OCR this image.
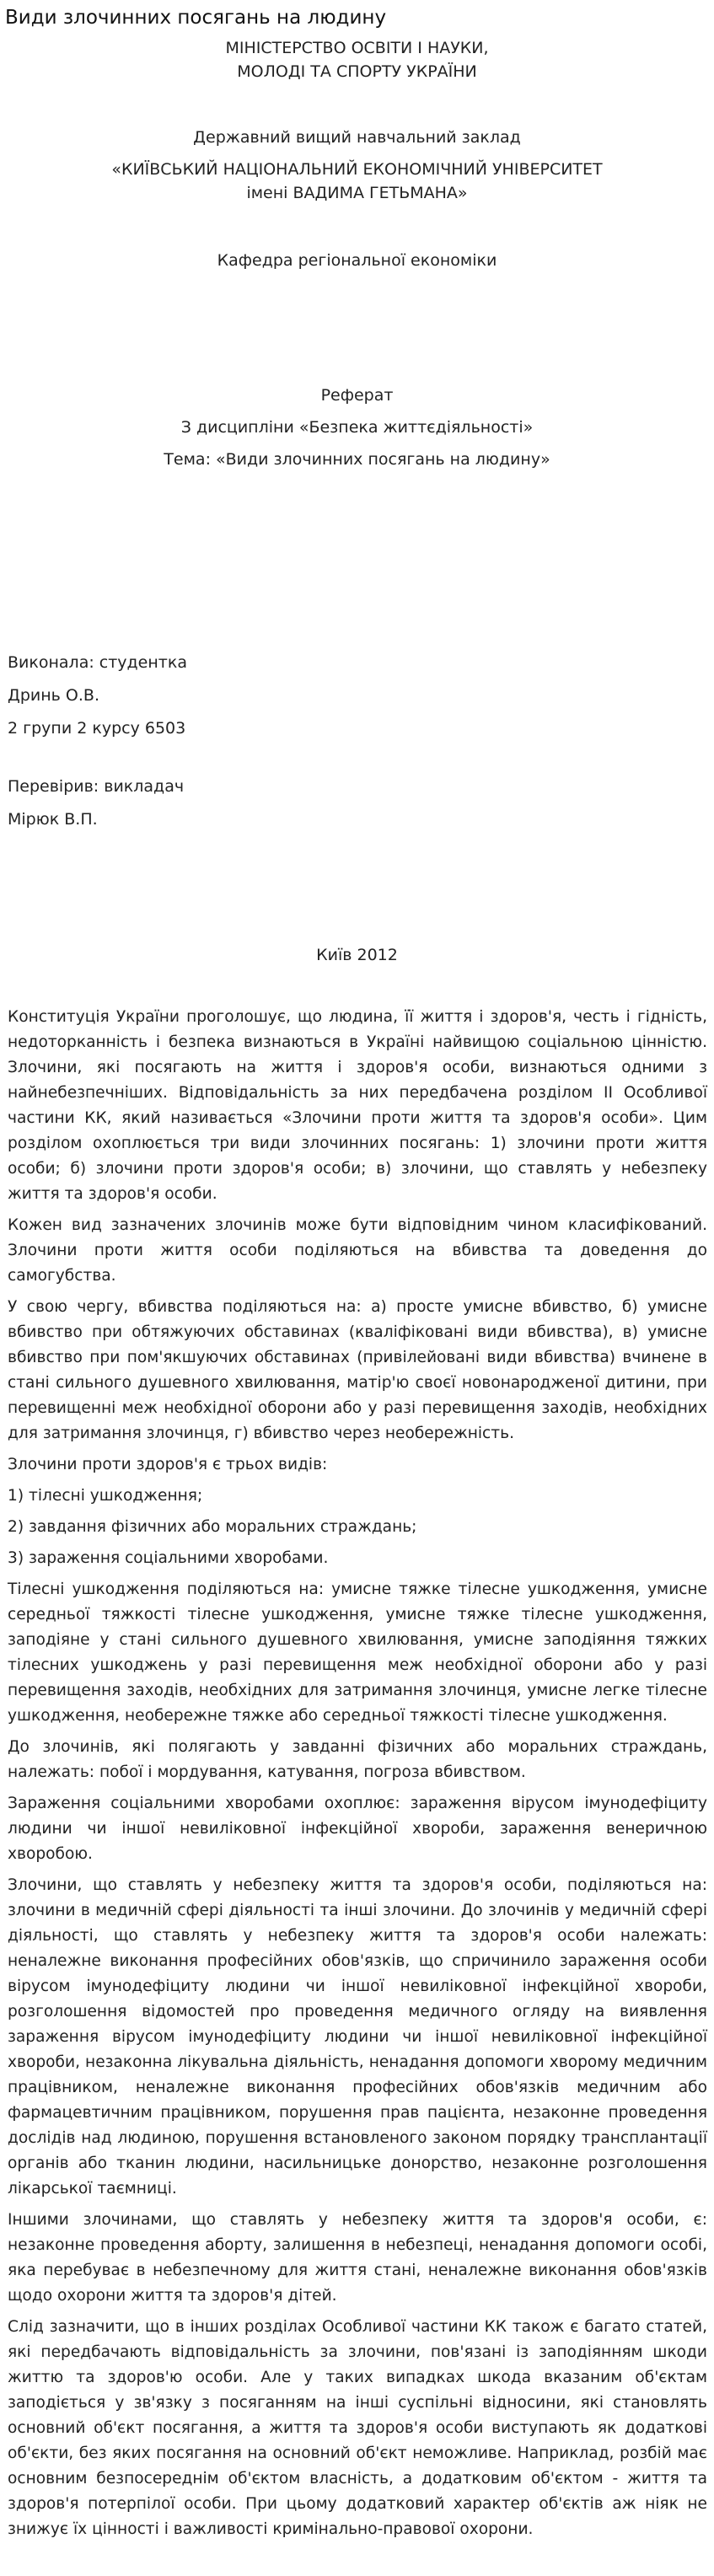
Види злочинних посягань на людину

МІНІСТЕРСТВО ОСВІТИ І НАУКИ,

МОЛОДІ ТА СПОРТУ УКРАЇНИ

Державний вищий навчальний заклад

«КИЇВСЬКИЙ НАЦІОНАЛЬНИЙ ЕКОНОМІЧНИЙ УНІВЕРСИТЕТ

імені ВАДИМА ГЕТЬМАНА»

Кафедра регіональної економіки

Реферат

З дисципліни «Безпека життєдіяльності»

Тема: «Види злочинних посягань на людину»

Виконала: студентка

Дринь О.В.

2 групи 2 курсу 6503

Перевірив: викладач

Мірюк В.П.

Київ 2012

Конституція України проголошує, що людина, її життя і здоров'я, честь і гідність, недоторканність і безпека визнаються в Україні найвищою соціальною цінністю. Злочини, які посягають на життя і здоров'я особи, визнаються одними з найнебезпечніших. Відповідальність за них передбачена розділом ІІ Особливої частини КК, який називається «Злочини проти життя та здоров'я особи». Цим розділом охоплюється три види злочинних посягань: 1) злочини проти життя особи; б) злочини проти здоров'я особи; в) злочини, що ставлять у небезпеку життя та здоров'я особи.

Кожен вид зазначених злочинів може бути відповідним чином класифікований. Злочини проти життя особи поділяються на вбивства та доведення до самогубства.

У свою чергу, вбивства поділяються на: а) просте умисне вбивство, б) умисне вбивство при обтяжуючих обставинах (кваліфіковані види вбивства), в) умисне вбивство при пом'якшуючих обставинах (привілейовані види вбивства) вчинене в стані сильного душевного хвилювання, матір'ю своєї новонародженої дитини, при перевищенні меж необхідної оборони або у разі перевищення заходів, необхідних для затримання злочинця, г) вбивство через необережність.

Злочини проти здоров'я є трьох видів:

1) тілесні ушкодження;

2) завдання фізичних або моральних страждань;

3) зараження соціальними хворобами.

Тілесні ушкодження поділяються на: умисне тяжке тілесне ушкодження, умисне середньої тяжкості тілесне ушкодження, умисне тяжке тілесне ушкодження, заподіяне у стані сильного душевного хвилювання, умисне заподіяння тяжких тілесних ушкоджень у разі перевищення меж необхідної оборони або у разі перевищення заходів, необхідних для затримання злочинця, умисне легке тілесне ушкодження, необережне тяжке або середньої тяжкості тілесне ушкодження.

До злочинів, які полягають у завданні фізичних або моральних страждань, належать: побої і мордування, катування, погроза вбивством.

Зараження соціальними хворобами охоплює: зараження вірусом імунодефіциту людини чи іншої невиліковної інфекційної хвороби, зараження венеричною хворобою.

Злочини, що ставлять у небезпеку життя та здоров'я особи, поділяються на: злочини в медичній сфері діяльності та інші злочини. До злочинів у медичній сфері діяльності, що ставлять у небезпеку життя та здоров'я особи належать: неналежне виконання професійних обов'язків, що спричинило зараження особи вірусом імунодефіциту людини чи іншої невиліковної інфекційної хвороби, розголошення відомостей про проведення медичного огляду на виявлення зараження вірусом імунодефіциту людини чи іншої невиліковної інфекційної хвороби, незаконна лікувальна діяльність, ненадання допомоги хворому медичним працівником, неналежне виконання професійних обов'язків медичним або фармацевтичним працівником, порушення прав пацієнта, незаконне проведення дослідів над людиною, порушення встановленого законом порядку трансплантації органів або тканин людини, насильницьке донорство, незаконне розголошення лікарської таємниці.

Іншими злочинами, що ставлять у небезпеку життя та здоров'я особи, є: незаконне проведення аборту, залишення в небезпеці, ненадання допомоги особі, яка перебуває в небезпечному для життя стані, неналежне виконання обов'язків щодо охорони життя та здоров'я дітей.

Слід зазначити, що в інших розділах Особливої частини КК також є багато статей, які передбачають відповідальність за злочини, пов'язані із заподіянням шкоди життю та здоров'ю особи. Але у таких випадках шкода вказаним об'єктам заподіється у зв'язку з посяганням на інші суспільні відносини, які становлять основний об'єкт посягання, а життя та здоров'я особи виступають як додаткові об'єкти, без яких посягання на основний об'єкт неможливе. Наприклад, розбій має основним безпосереднім об'єктом власність, а додатковим об'єктом - життя та здоров'я потерпілої особи. При цьому додатковий характер об'єктів аж ніяк не знижує їх цінності і важливості кримінально-правової охорони.
